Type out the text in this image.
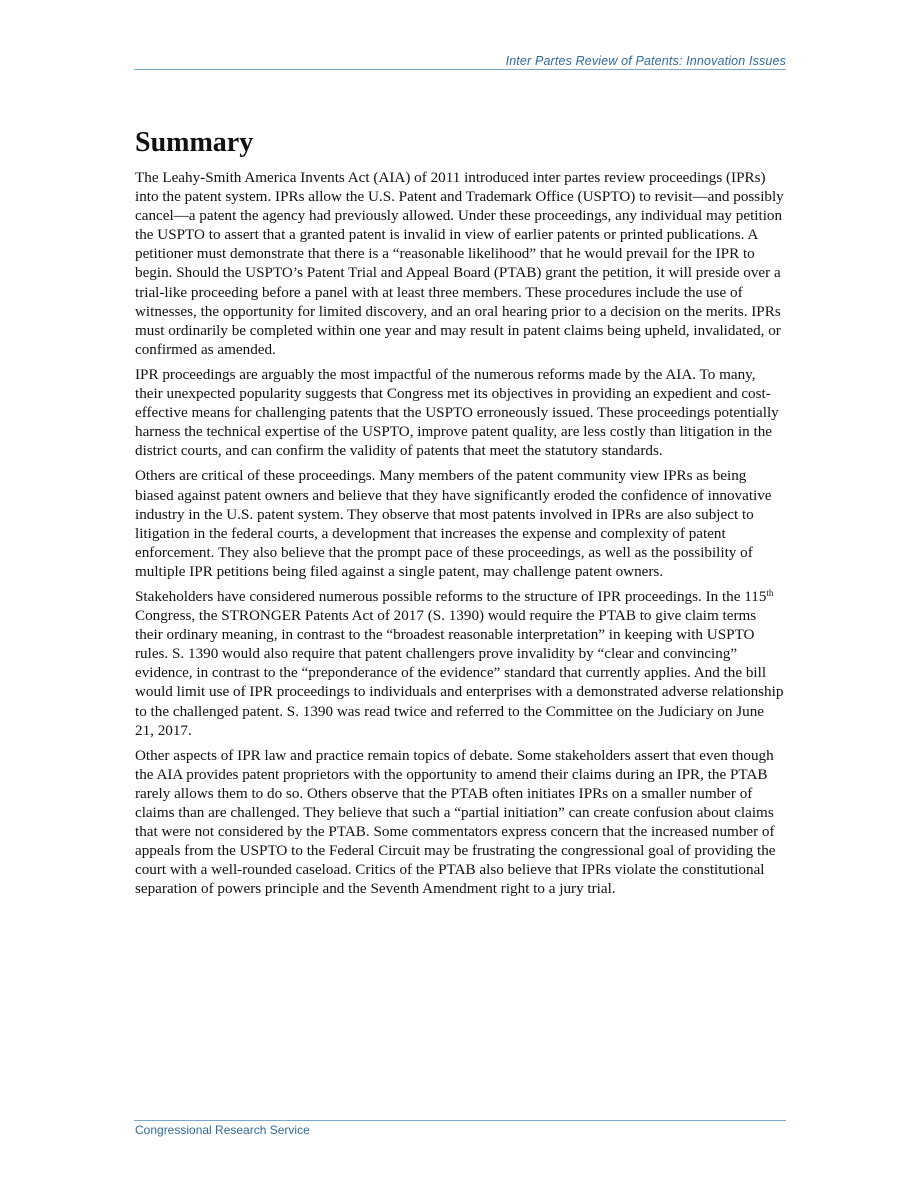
Inter Partes Review of Patents: Innovation Issues
Summary

The Leahy-Smith America Invents Act (AIA) of 2011 introduced inter partes review proceedings (IPRs) into the patent system. IPRs allow the U.S. Patent and Trademark Office (USPTO) to revisit—and possibly cancel—a patent the agency had previously allowed. Under these proceedings, any individual may petition the USPTO to assert that a granted patent is invalid in view of earlier patents or printed publications. A petitioner must demonstrate that there is a “reasonable likelihood” that he would prevail for the IPR to begin. Should the USPTO’s Patent Trial and Appeal Board (PTAB) grant the petition, it will preside over a trial-like proceeding before a panel with at least three members. These procedures include the use of witnesses, the opportunity for limited discovery, and an oral hearing prior to a decision on the merits. IPRs must ordinarily be completed within one year and may result in patent claims being upheld, invalidated, or confirmed as amended.

IPR proceedings are arguably the most impactful of the numerous reforms made by the AIA. To many, their unexpected popularity suggests that Congress met its objectives in providing an expedient and cost-effective means for challenging patents that the USPTO erroneously issued. These proceedings potentially harness the technical expertise of the USPTO, improve patent quality, are less costly than litigation in the district courts, and can confirm the validity of patents that meet the statutory standards.

Others are critical of these proceedings. Many members of the patent community view IPRs as being biased against patent owners and believe that they have significantly eroded the confidence of innovative industry in the U.S. patent system. They observe that most patents involved in IPRs are also subject to litigation in the federal courts, a development that increases the expense and complexity of patent enforcement. They also believe that the prompt pace of these proceedings, as well as the possibility of multiple IPR petitions being filed against a single patent, may challenge patent owners.

Stakeholders have considered numerous possible reforms to the structure of IPR proceedings. In the 115th Congress, the STRONGER Patents Act of 2017 (S. 1390) would require the PTAB to give claim terms their ordinary meaning, in contrast to the “broadest reasonable interpretation” in keeping with USPTO rules. S. 1390 would also require that patent challengers prove invalidity by “clear and convincing” evidence, in contrast to the “preponderance of the evidence” standard that currently applies. And the bill would limit use of IPR proceedings to individuals and enterprises with a demonstrated adverse relationship to the challenged patent. S. 1390 was read twice and referred to the Committee on the Judiciary on June 21, 2017.

Other aspects of IPR law and practice remain topics of debate. Some stakeholders assert that even though the AIA provides patent proprietors with the opportunity to amend their claims during an IPR, the PTAB rarely allows them to do so. Others observe that the PTAB often initiates IPRs on a smaller number of claims than are challenged. They believe that such a “partial initiation” can create confusion about claims that were not considered by the PTAB. Some commentators express concern that the increased number of appeals from the USPTO to the Federal Circuit may be frustrating the congressional goal of providing the court with a well-rounded caseload. Critics of the PTAB also believe that IPRs violate the constitutional separation of powers principle and the Seventh Amendment right to a jury trial.

Congressional Research Service
